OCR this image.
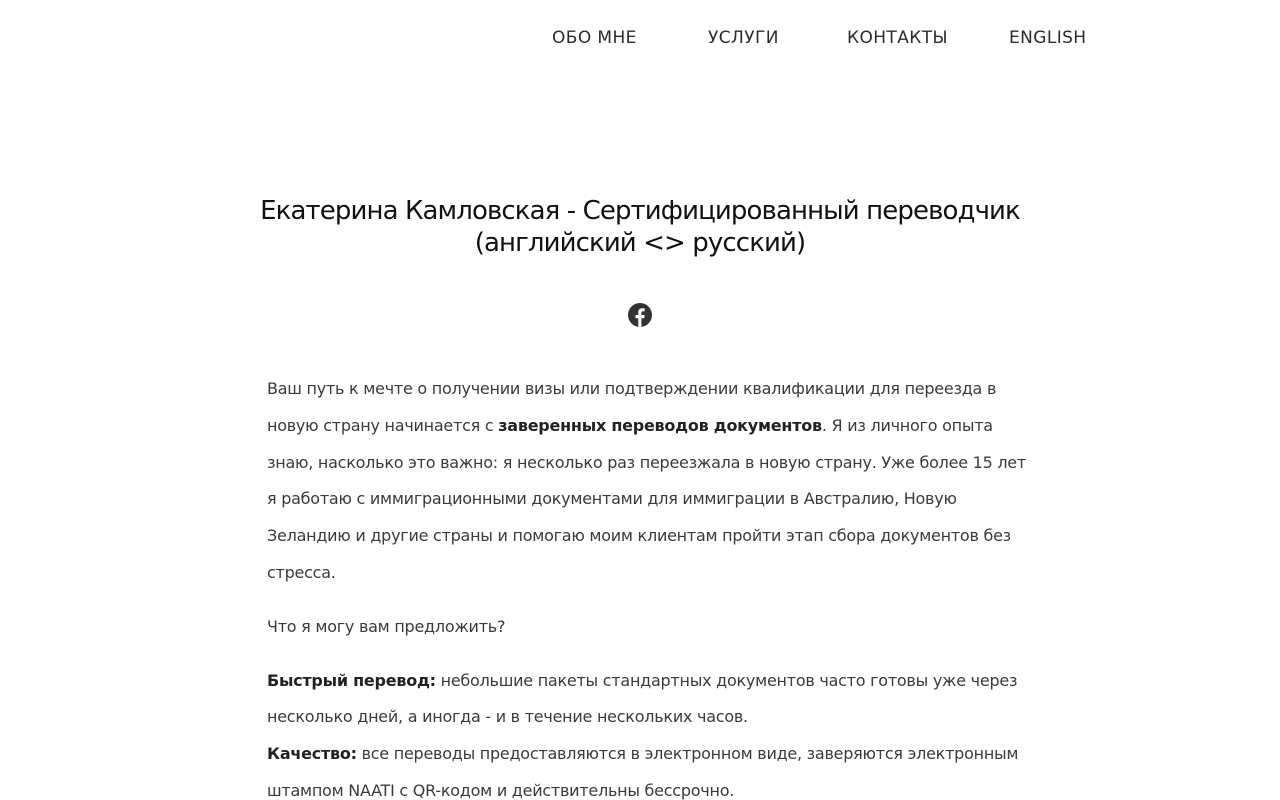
ОБО МНЕ	УСЛУГИ	КОНТАКТЫ	ENGLISH
Екатерина Камловская - Сертифицированный переводчик (английский <> русский)

Ваш путь к мечте о получении визы или подтверждении квалификации для переезда в новую страну начинается с заверенных переводов документов. Я из личного опыта знаю, насколько это важно: я несколько раз переезжала в новую страну. Уже более 15 лет я работаю с иммиграционными документами для иммиграции в Австралию, Новую Зеландию и другие страны и помогаю моим клиентам пройти этап сбора документов без стресса.

Что я могу вам предложить?

Быстрый перевод: небольшие пакеты стандартных документов часто готовы уже через несколько дней, а иногда - и в течение нескольких часов.
Качество: все переводы предоставляются в электронном виде, заверяются электронным штампом NAATI с QR-кодом и действительны бессрочно.
